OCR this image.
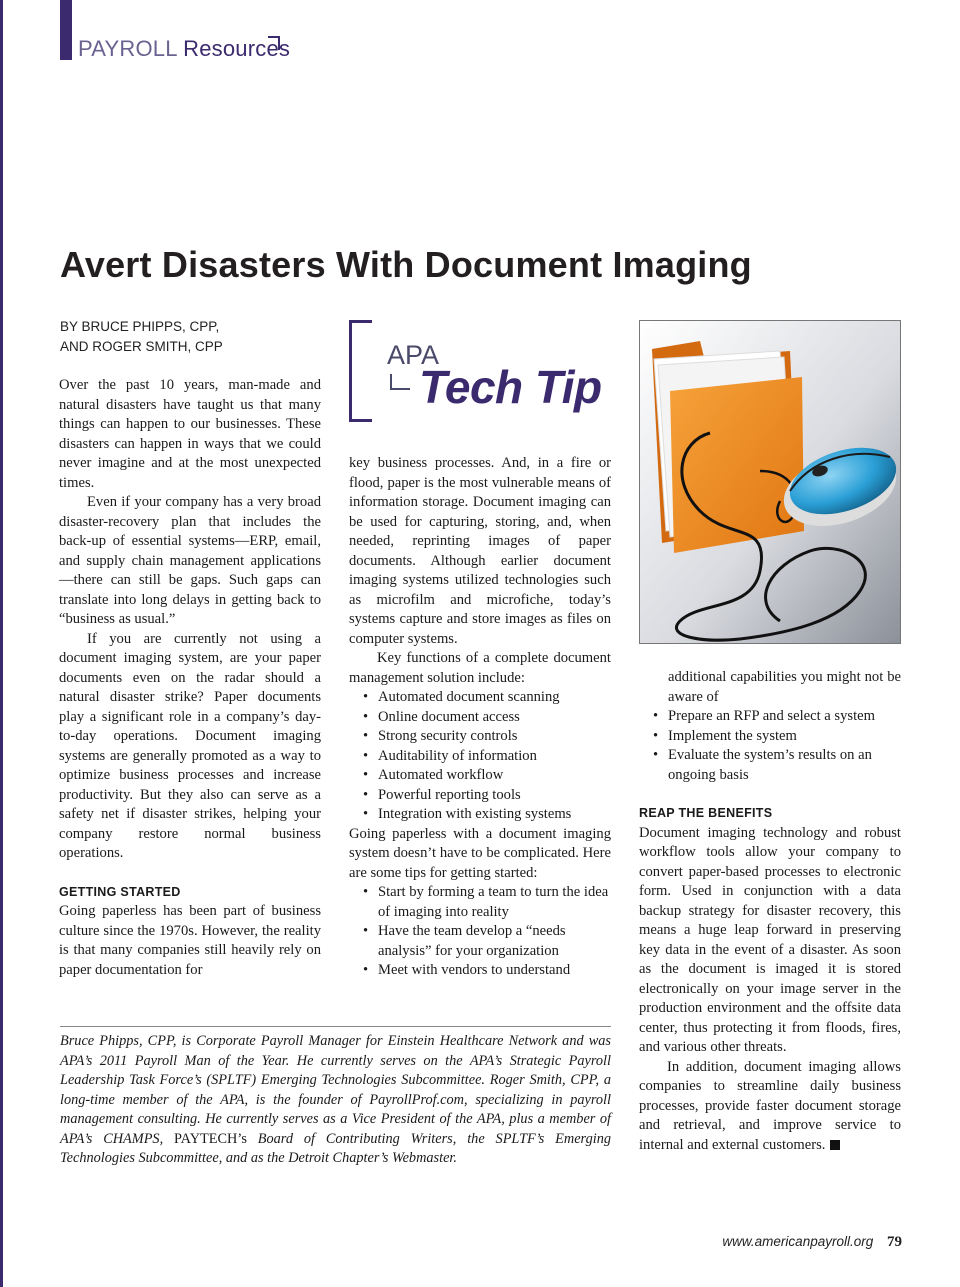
PAYROLL Resources
Avert Disasters With Document Imaging
BY BRUCE PHIPPS, CPP,
AND ROGER SMITH, CPP

Over the past 10 years, man-made and natural disasters have taught us that many things can happen to our businesses. These disasters can happen in ways that we could never imagine and at the most unexpected times.

Even if your company has a very broad disaster-recovery plan that includes the back-up of essential systems—ERP, email, and supply chain management applications—there can still be gaps. Such gaps can translate into long delays in getting back to “business as usual.”

If you are currently not using a document imaging system, are your paper documents even on the radar should a natural disaster strike? Paper documents play a significant role in a company’s day-to-day operations. Document imaging systems are generally promoted as a way to optimize business processes and increase productivity. But they also can serve as a safety net if disaster strikes, helping your company restore normal business operations.

GETTING STARTED

Going paperless has been part of business culture since the 1970s. However, the reality is that many companies still heavily rely on paper documentation for

APA
Tech Tip

key business processes. And, in a fire or flood, paper is the most vulnerable means of information storage. Document imaging can be used for capturing, storing, and, when needed, reprinting images of paper documents. Although earlier document imaging systems utilized technologies such as microfilm and microfiche, today’s systems capture and store images as files on computer systems.

Key functions of a complete document management solution include:

• Automated document scanning
• Online document access
• Strong security controls
• Auditability of information
• Automated workflow
• Powerful reporting tools
• Integration with existing systems

Going paperless with a document imaging system doesn’t have to be complicated. Here are some tips for getting started:

• Start by forming a team to turn the idea of imaging into reality
• Have the team develop a “needs analysis” for your organization
• Meet with vendors to understand

additional capabilities you might not be aware of

• Prepare an RFP and select a system
• Implement the system
• Evaluate the system’s results on an ongoing basis

REAP THE BENEFITS

Document imaging technology and robust workflow tools allow your company to convert paper-based processes to electronic form. Used in conjunction with a data backup strategy for disaster recovery, this means a huge leap forward in preserving key data in the event of a disaster. As soon as the document is imaged it is stored electronically on your image server in the production environment and the offsite data center, thus protecting it from floods, fires, and various other threats.

In addition, document imaging allows companies to streamline daily business processes, provide faster document storage and retrieval, and improve service to internal and external customers.

Bruce Phipps, CPP, is Corporate Payroll Manager for Einstein Healthcare Network and was APA’s 2011 Payroll Man of the Year. He currently serves on the APA’s Strategic Payroll Leadership Task Force’s (SPLTF) Emerging Technologies Subcommittee. Roger Smith, CPP, a long-time member of the APA, is the founder of PayrollProf.com, specializing in payroll management consulting. He currently serves as a Vice President of the APA, plus a member of APA’s CHAMPS, PAYTECH’s Board of Contributing Writers, the SPLTF’s Emerging Technologies Subcommittee, and as the Detroit Chapter’s Webmaster.
www.americanpayroll.org 79
